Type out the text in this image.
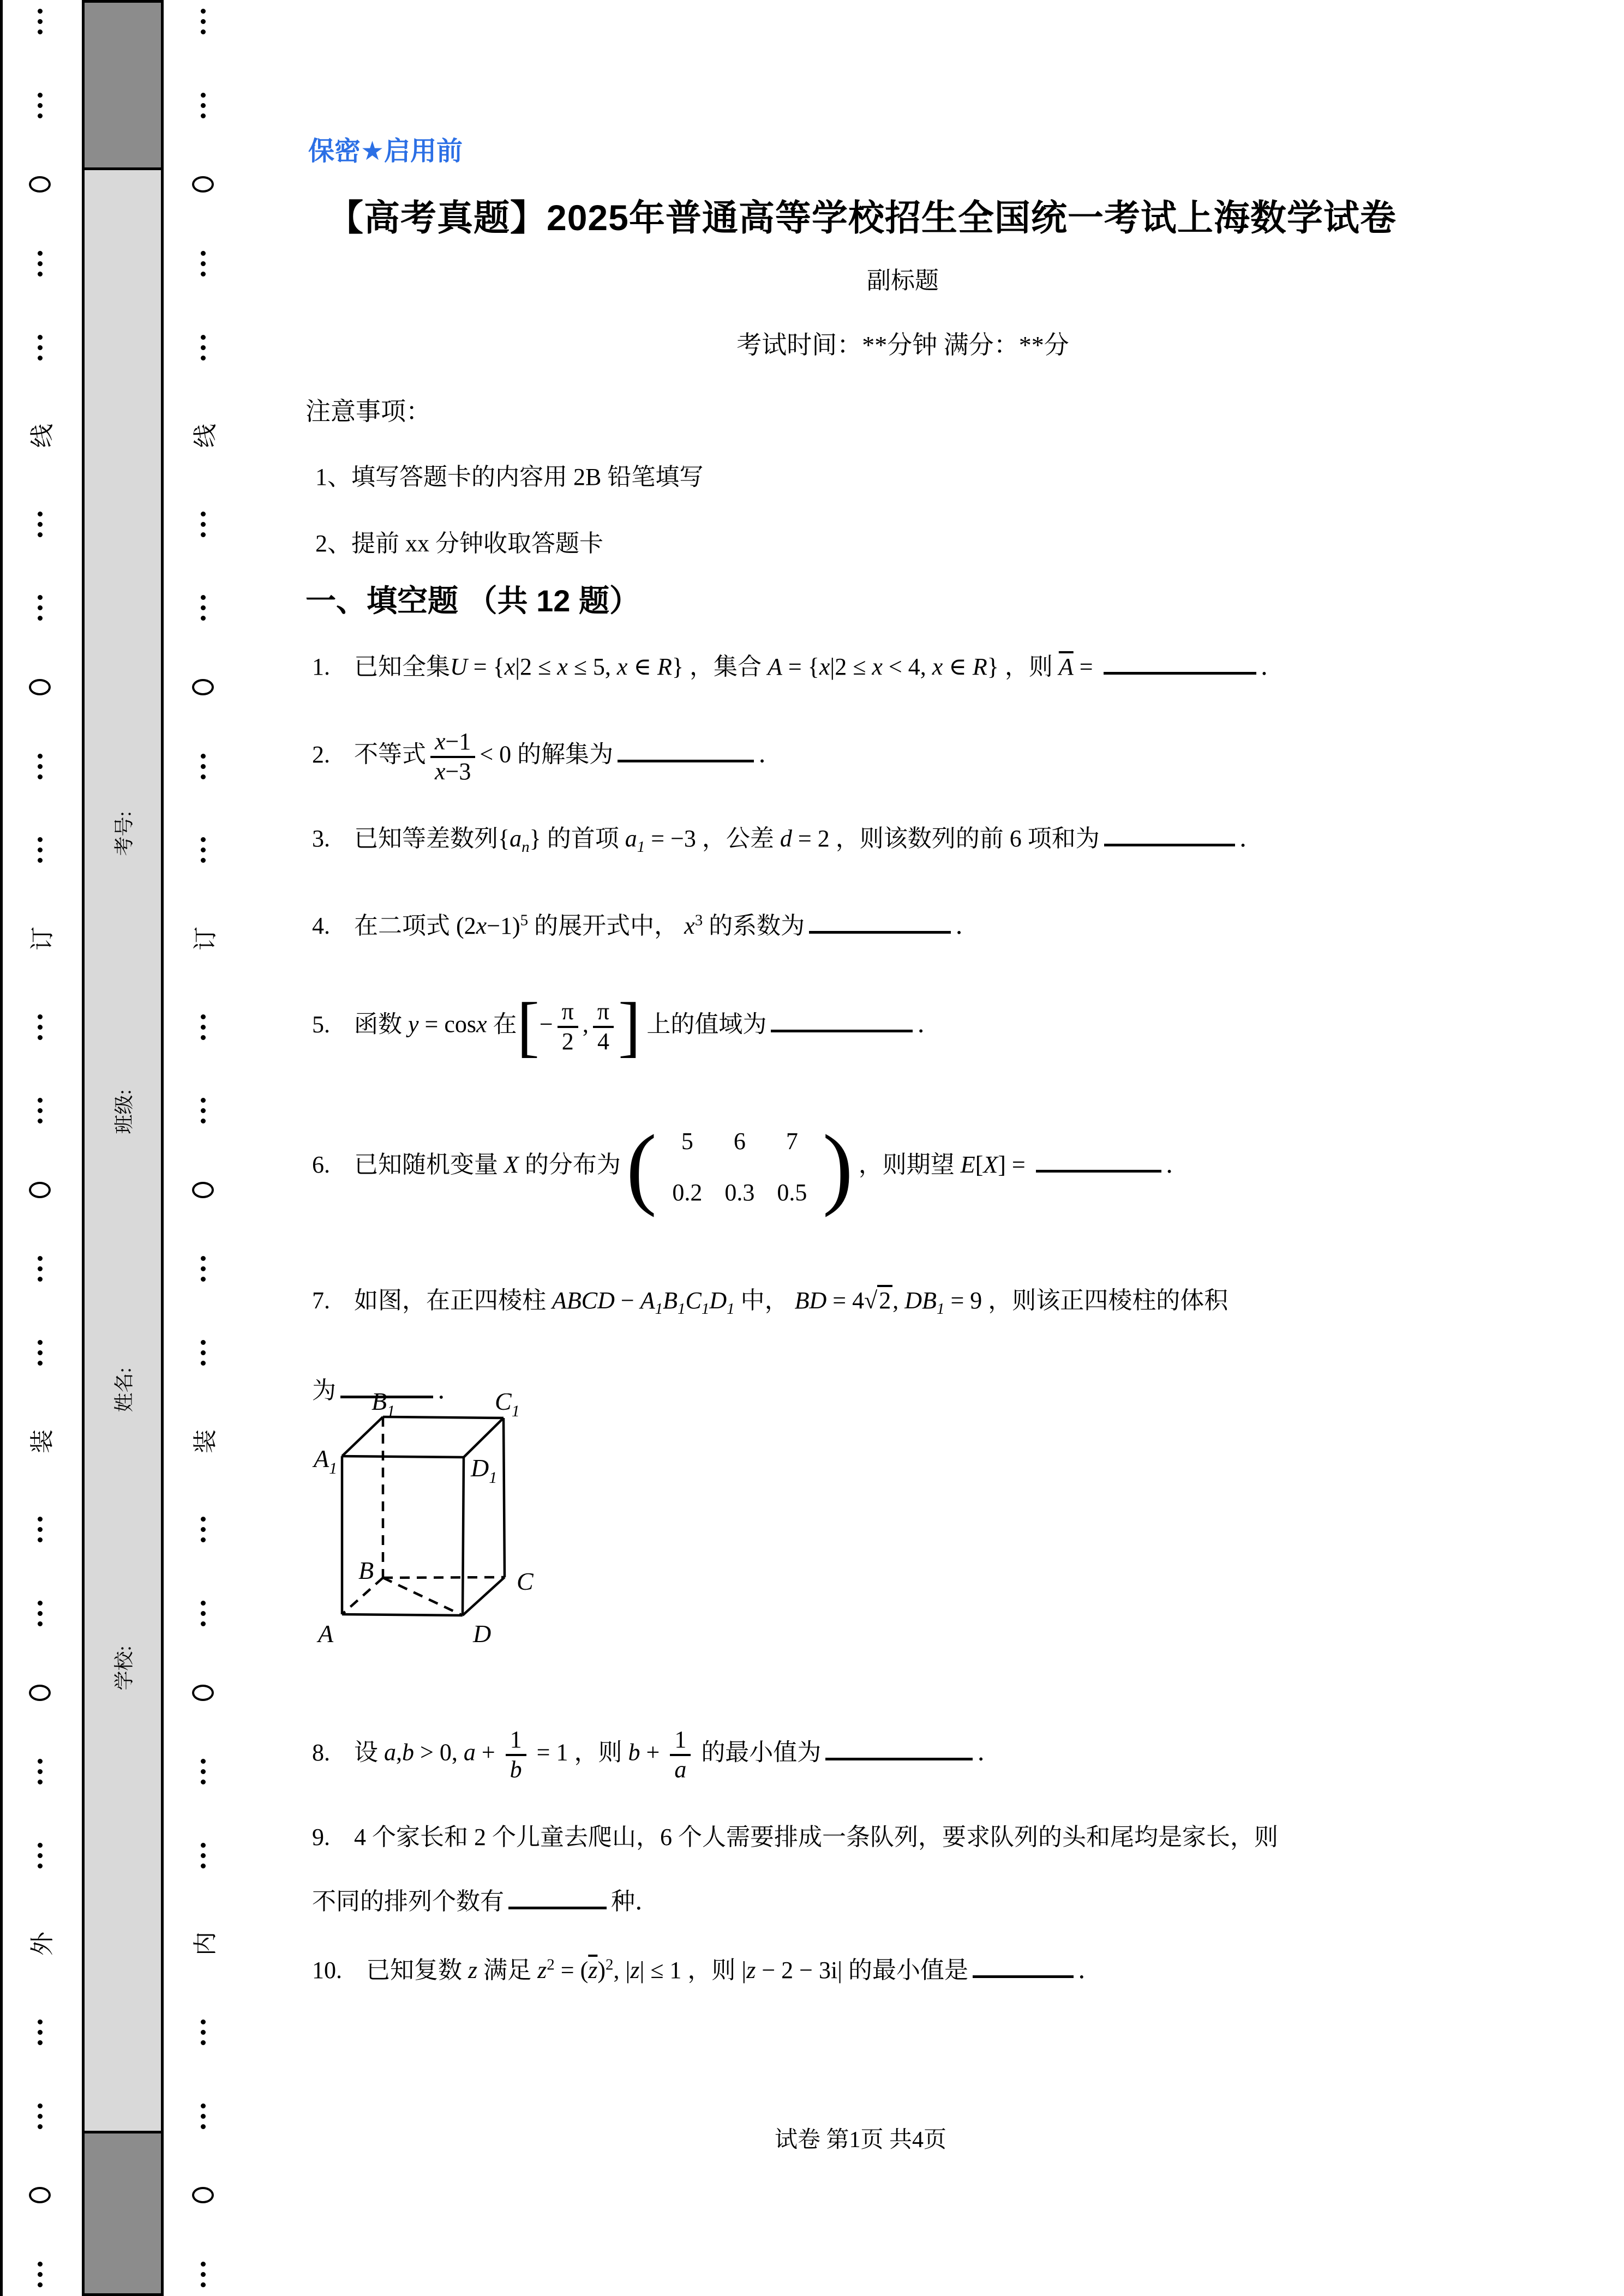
线
订
装
外
考号:
班级:
姓名:
学校:
线
订
装
内
保密★启用前
【高考真题】2025年普通高等学校招生全国统一考试上海数学试卷
副标题
考试时间：**分钟 满分：**分
注意事项：
1、填写答题卡的内容用 2B 铅笔填写
2、提前 xx 分钟收取答题卡
一、填空题 （共 12 题）
1. 已知全集U = {x|2 ≤ x ≤ 5, x ∈ R} ，集合 A = {x|2 ≤ x < 4, x ∈ R} ，则 $\overline{A}$ =	．
2. 不等式 $\frac{x-1}{x-3} < 0$ 的解集为	．
3. 已知等差数列$\{a_n\}$ 的首项 $a_1 = -3$ ，公差 d = 2 ，则该数列的前 6 项和为	．
4. 在二项式 $(2x-1)^5$ 的展开式中， $x^3$ 的系数为	．
5. 函数 y = cosx 在[− $\frac{\pi}{2}$ , $\frac{\pi}{4}$ ] 上的值域为	．
6. 已知随机变量 X 的分布为 (	5	6	7
0.2 0.3 0.5 ) ，则期望 E[X] =	．
7. 如图，在正四棱柱 ABCD − $A_1B_1C_1D_1$ 中， BD = 4√2, $DB_1 = 9$ ，则该正四棱柱的体积
为	．
8. 设 a,b > 0, $a + \frac{1}{b} = 1$ ，则 $b + \frac{1}{a}$ 的最小值为	．
9. 4 个家长和 2 个儿童去爬山，6 个人需要排成一条队列，要求队列的头和尾均是家长，则
不同的排列个数有	种．
10. 已知复数 z 满足 $z^2 = (\overline{z})^2$, |z| ≤ 1 ，则 |z − 2 − 3i| 的最小值是	．
$A_1$
$B_1$	$C_1$
$D_1$
A
B	C
D
试卷 第1页 共4页
